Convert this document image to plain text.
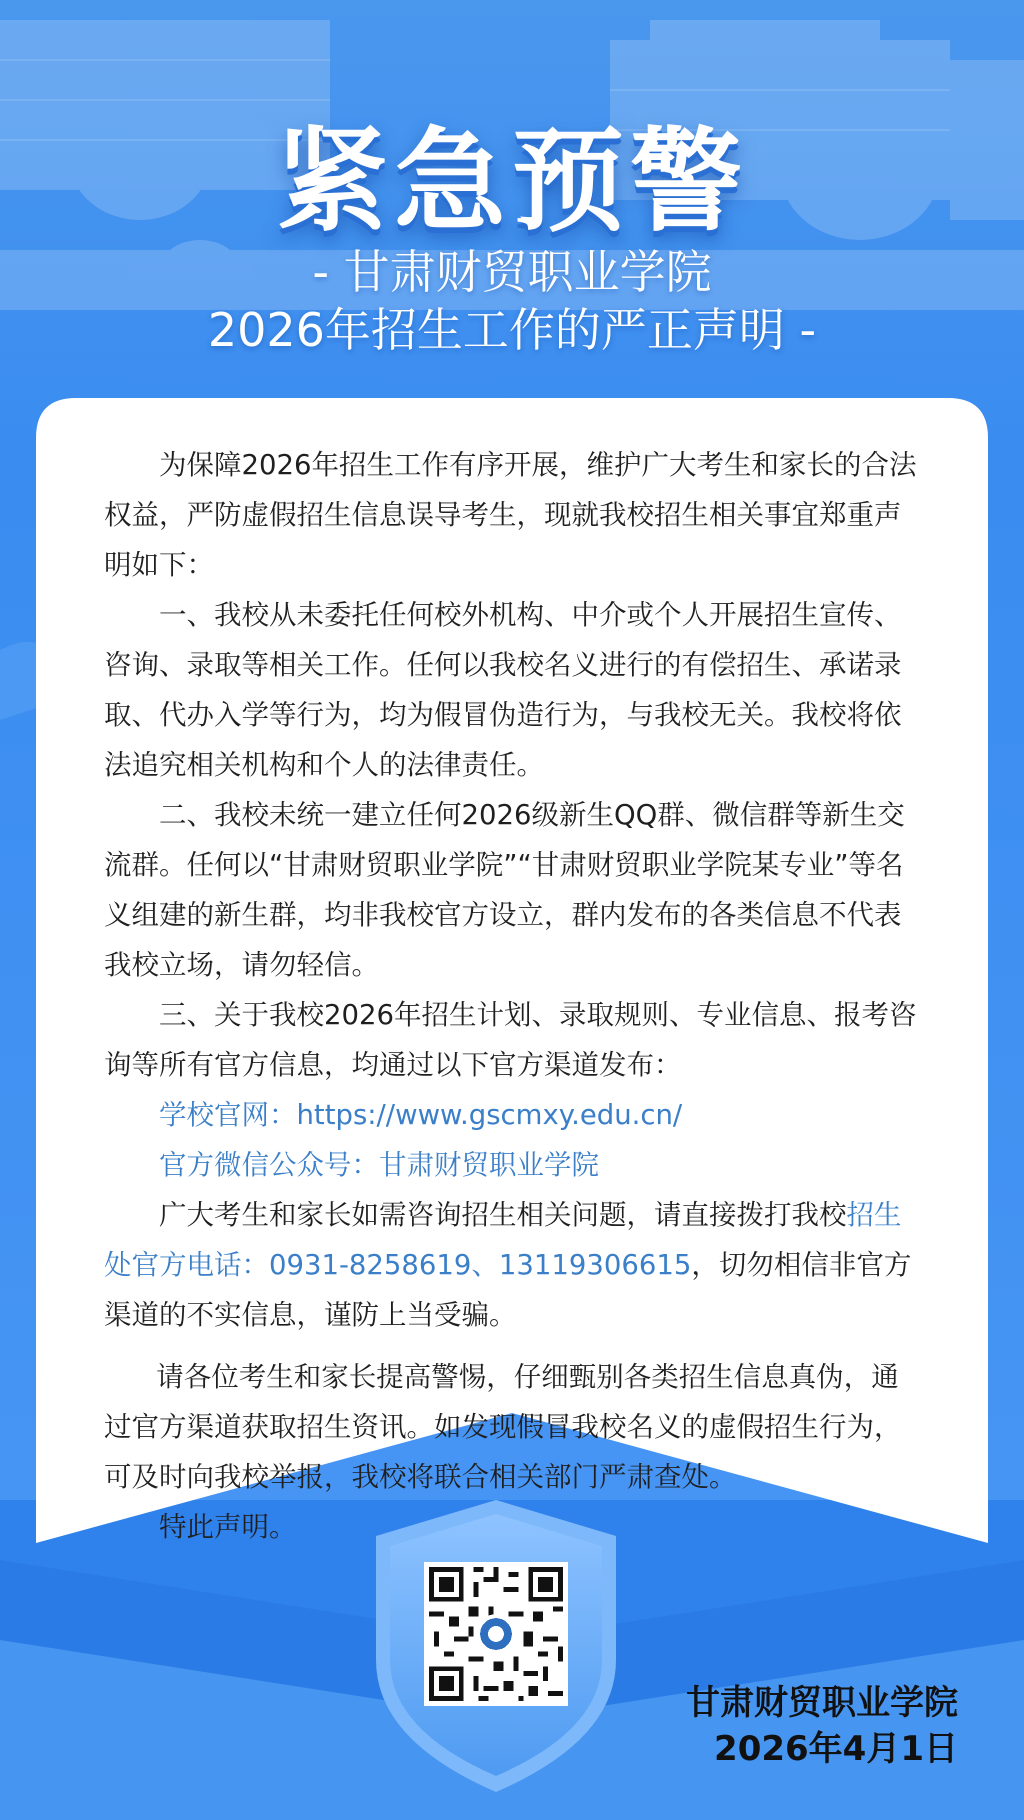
紧急预警
- 甘肃财贸职业学院
2026年招生工作的严正声明 -

为保障2026年招生工作有序开展，维护广大考生和家长的合法权益，严防虚假招生信息误导考生，现就我校招生相关事宜郑重声明如下：

一、我校从未委托任何校外机构、中介或个人开展招生宣传、咨询、录取等相关工作。任何以我校名义进行的有偿招生、承诺录取、代办入学等行为，均为假冒伪造行为，与我校无关。我校将依法追究相关机构和个人的法律责任。

二、我校未统一建立任何2026级新生QQ群、微信群等新生交流群。任何以“甘肃财贸职业学院”“甘肃财贸职业学院某专业”等名义组建的新生群，均非我校官方设立，群内发布的各类信息不代表我校立场，请勿轻信。

三、关于我校2026年招生计划、录取规则、专业信息、报考咨询等所有官方信息，均通过以下官方渠道发布：

学校官网：https://www.gscmxy.edu.cn/

官方微信公众号：甘肃财贸职业学院

广大考生和家长如需咨询招生相关问题，请直接拨打我校招生处官方电话：0931-8258619、13119306615，切勿相信非官方渠道的不实信息，谨防上当受骗。

请各位考生和家长提高警惕，仔细甄别各类招生信息真伪，通过官方渠道获取招生资讯。如发现假冒我校名义的虚假招生行为，可及时向我校举报，我校将联合相关部门严肃查处。

特此声明。

甘肃财贸职业学院
2026年4月1日
